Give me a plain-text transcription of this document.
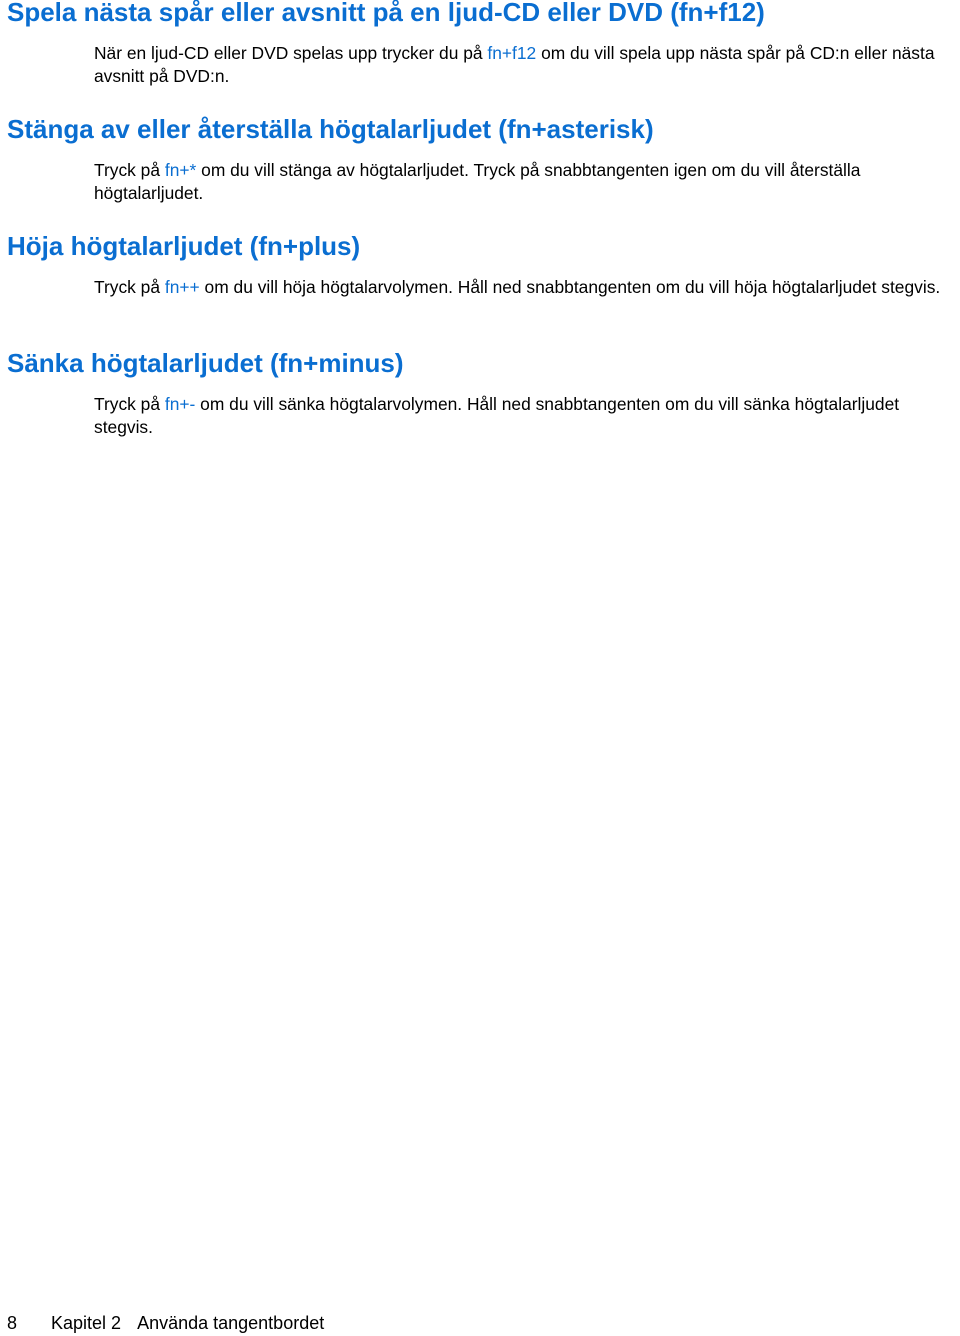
Spela nästa spår eller avsnitt på en ljud-CD eller DVD (fn+f12)

När en ljud-CD eller DVD spelas upp trycker du på fn+f12 om du vill spela upp nästa spår på CD:n eller nästa avsnitt på DVD:n.

Stänga av eller återställa högtalarljudet (fn+asterisk)

Tryck på fn+* om du vill stänga av högtalarljudet. Tryck på snabbtangenten igen om du vill återställa högtalarljudet.

Höja högtalarljudet (fn+plus)

Tryck på fn++ om du vill höja högtalarvolymen. Håll ned snabbtangenten om du vill höja högtalarljudet stegvis.

Sänka högtalarljudet (fn+minus)

Tryck på fn+- om du vill sänka högtalarvolymen. Håll ned snabbtangenten om du vill sänka högtalarljudet stegvis.

8 Kapitel 2 Använda tangentbordet
